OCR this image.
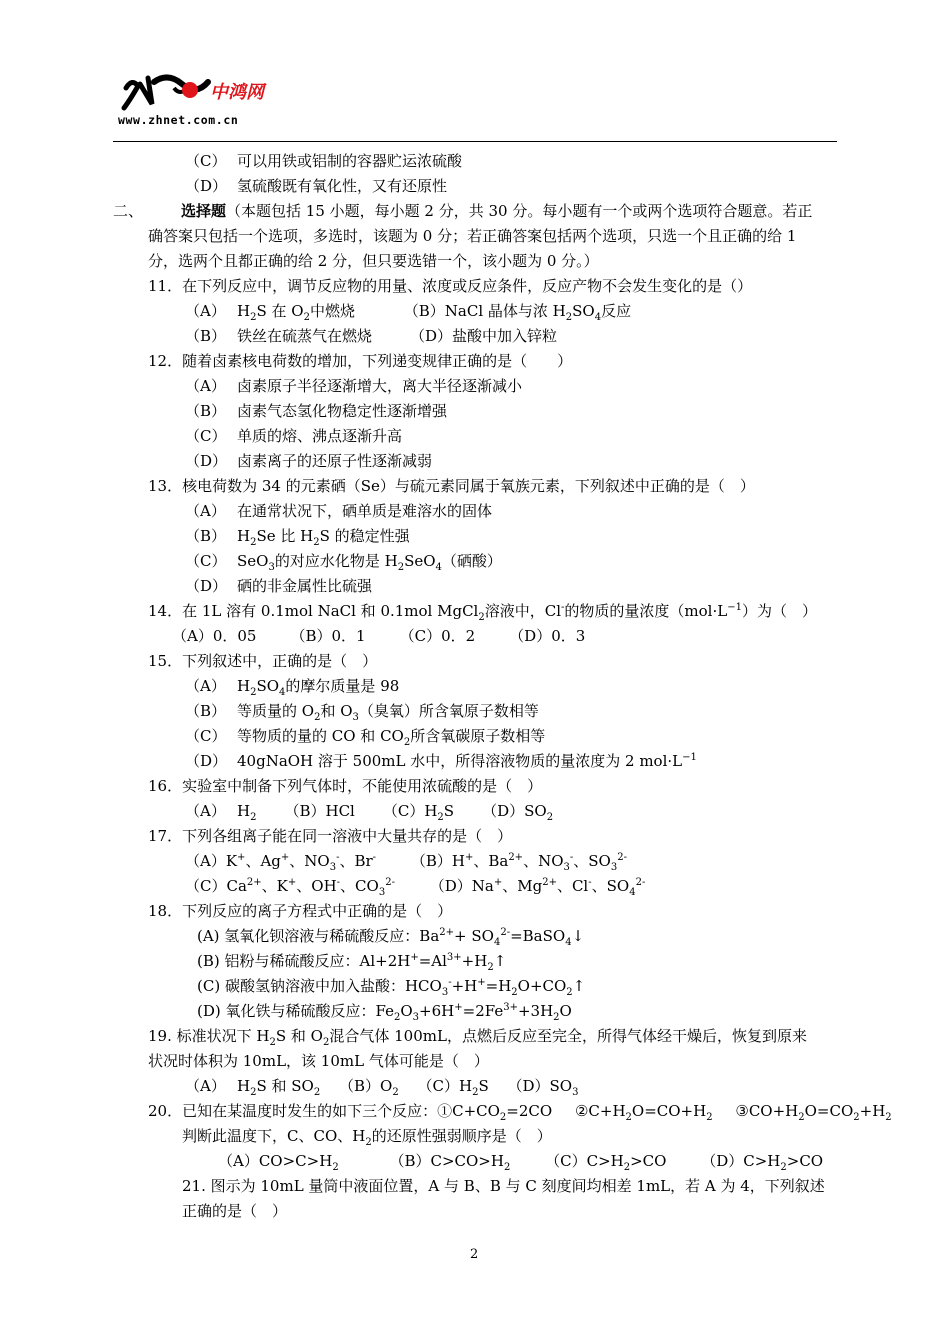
中鸿网
www.zhnet.com.cn
（C） 可以用铁或铝制的容器贮运浓硫酸
（D） 氢硫酸既有氧化性，又有还原性
二、	选择题（本题包括 15 小题，每小题 2 分，共 30 分。每小题有一个或两个选项符合题意。若正
确答案只包括一个选项，多选时，该题为 0 分；若正确答案包括两个选项，只选一个且正确的给 1
分，选两个且都正确的给 2 分，但只要选错一个，该小题为 0 分。）
11．在下列反应中，调节反应物的用量、浓度或反应条件，反应产物不会发生变化的是（）
（A） $H_2S$ 在 $O_2$中燃烧	（B）NaCl 晶体与浓 $H_2SO_4$反应
（B） 铁丝在硫蒸气在燃烧	（D）盐酸中加入锌粒
12．随着卤素核电荷数的增加，下列递变规律正确的是（　　）
（A） 卤素原子半径逐渐增大，离大半径逐渐减小
（B） 卤素气态氢化物稳定性逐渐增强
（C） 单质的熔、沸点逐渐升高
（D） 卤素离子的还原子性逐渐减弱
13．核电荷数为 34 的元素硒（Se）与硫元素同属于氧族元素，下列叙述中正确的是（　）
（A） 在通常状况下，硒单质是难溶水的固体
（B） $H_2Se$ 比 $H_2S$ 的稳定性强
（C） SeO$_3$的对应水化物是 $H_2SeO_4$（硒酸）
（D） 硒的非金属性比硫强
14．在 1L 溶有 0.1mol NaCl 和 0.1mol MgCl$_2$溶液中，Cl-的物质的量浓度$(mol\cdot L^{-1})$为（　）
（A）0．05 （B）0．1 （C）0．2 （D）0．3
15．下列叙述中，正确的是（　）
（A） $H_2SO_4$的摩尔质量是 98
（B） 等质量的 $O_2$和 $O_3$（臭氧）所含氧原子数相等
（C） 等物质的量的 CO 和 $CO_2$所含氧碳原子数相等
（D） 40gNaOH 溶于 500mL 水中，所得溶液物质的量浓度为 2 $mol\cdot L^{-1}$
16．实验室中制备下列气体时，不能使用浓硫酸的是（　）
（A） $H_2$ （B）HCl $(C)H_2S$ $(D)SO_2$
17．下列各组离子能在同一溶液中大量共存的是（　）
（A）K+、Ag+、$NO_3^-$、Br- （B）H+、$Ba^{2+}$、$NO_3^-$、$SO_3^{2-}$
$(C)Ca^{2+}$、K+、OH-、$CO_3^{2-}$ （D）Na+、$Mg^{2+}$、Cl-、$SO_4^{2-}$
18．下列反应的离子方程式中正确的是（　）
(A) 氢氧化钡溶液与稀硫酸反应：$Ba^{2+}+$ $SO_4^{2-}=BaSO_4↓$
(B) 铝粉与稀硫酸反应：$Al+2H^+=Al^{3+}+H_2↑$
(C) 碳酸氢钠溶液中加入盐酸：$HCO_3^-+H^+=H_2O+CO_2↑$
(D) 氧化铁与稀硫酸反应：$Fe_2O_3+6H^+=2Fe^{3+}+3H_2O$
19. 标准状况下 $H_2S$ 和 $O_2$混合气体 100mL，点燃后反应至完全，所得气体经干燥后，恢复到原来
状况时体积为 10mL，该 10mL 气体可能是（　）
（A） $H_2S$ 和 $SO_2$ $(B)O_2$ $(C)H_2S$ $(D)SO_3$
20．已知在某温度时发生的如下三个反应：$①C+CO_2=2CO$ $②C+H_2O=CO+H_2$ $③CO+H_2O=CO_2+H_2$
判断此温度下，C、CO、$H_2$的还原性强弱顺序是（　）
$(A)CO>C>H_2$	$(B)C>CO>H_2$ $(C)C>H_2>CO$ $(D)C>H_2>CO$
21. 图示为 10mL 量筒中液面位置，A 与 B、B 与 C 刻度间均相差 1mL，若 A 为 4，下列叙述
正确的是（　）
2
